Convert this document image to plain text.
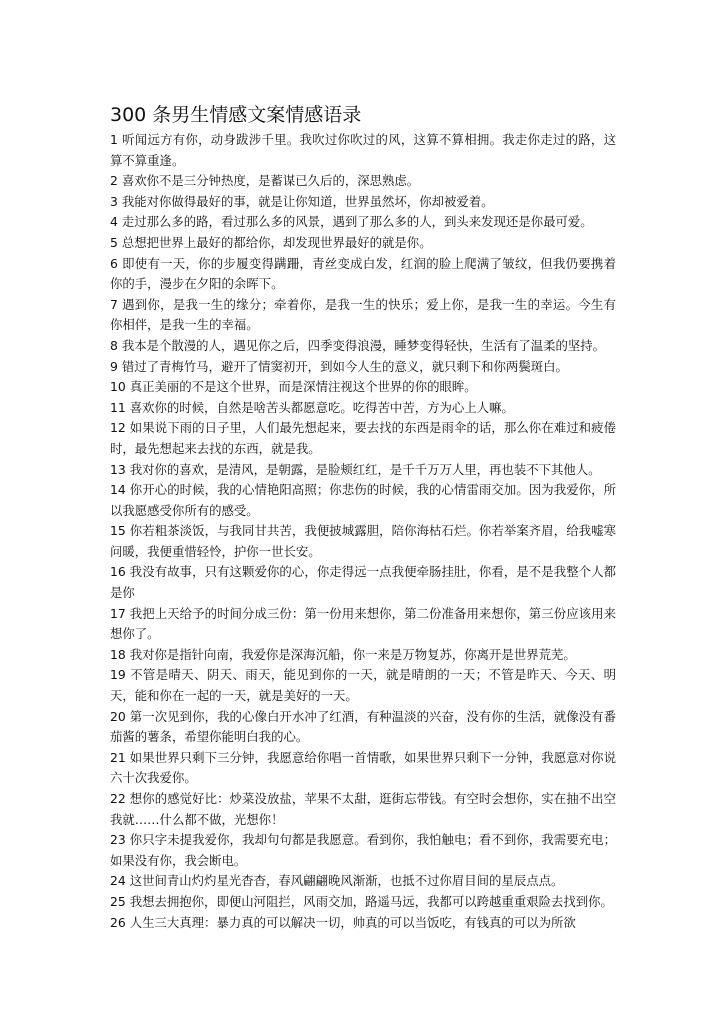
300 条男生情感文案情感语录

1 听闻远方有你，动身跋涉千里。我吹过你吹过的风，这算不算相拥。我走你走过的路，这算不算重逢。

2 喜欢你不是三分钟热度，是蓄谋已久后的，深思熟虑。

3 我能对你做得最好的事，就是让你知道，世界虽然坏，你却被爱着。

4 走过那么多的路，看过那么多的风景，遇到了那么多的人，到头来发现还是你最可爱。

5 总想把世界上最好的都给你，却发现世界最好的就是你。

6 即使有一天，你的步履变得蹒跚，青丝变成白发，红润的脸上爬满了皱纹，但我仍要携着你的手，漫步在夕阳的余晖下。

7 遇到你，是我一生的缘分；牵着你，是我一生的快乐；爱上你，是我一生的幸运。今生有你相伴，是我一生的幸福。

8 我本是个散漫的人，遇见你之后，四季变得浪漫，睡梦变得轻快，生活有了温柔的坚持。

9 错过了青梅竹马，避开了情窦初开，到如今人生的意义，就只剩下和你两鬓斑白。

10 真正美丽的不是这个世界，而是深情注视这个世界的你的眼眸。

11 喜欢你的时候，自然是啥苦头都愿意吃。吃得苦中苦，方为心上人嘛。

12 如果说下雨的日子里，人们最先想起来，要去找的东西是雨伞的话，那么你在难过和疲倦时，最先想起来去找的东西，就是我。

13 我对你的喜欢，是清风，是朝露，是脸颊红红，是千千万万人里，再也装不下其他人。

14 你开心的时候，我的心情艳阳高照；你悲伤的时候，我的心情雷雨交加。因为我爱你，所以我愿感受你所有的感受。

15 你若粗茶淡饭，与我同甘共苦，我便披城露胆，陪你海枯石烂。你若举案齐眉，给我嘘寒问暖，我便重惜轻怜，护你一世长安。

16 我没有故事，只有这颗爱你的心，你走得远一点我便牵肠挂肚，你看，是不是我整个人都是你

17 我把上天给予的时间分成三份：第一份用来想你，第二份准备用来想你，第三份应该用来想你了。

18 我对你是指针向南，我爱你是深海沉船，你一来是万物复苏，你离开是世界荒芜。

19 不管是晴天、阴天、雨天，能见到你的一天，就是晴朗的一天；不管是昨天、今天、明天，能和你在一起的一天，就是美好的一天。

20 第一次见到你，我的心像白开水冲了红酒，有种温淡的兴奋，没有你的生活，就像没有番茄酱的薯条，希望你能明白我的心。

21 如果世界只剩下三分钟，我愿意给你唱一首情歌，如果世界只剩下一分钟，我愿意对你说六十次我爱你。

22 想你的感觉好比：炒菜没放盐，苹果不太甜，逛街忘带钱。有空时会想你，实在抽不出空我就……什么都不做，光想你！

23 你只字未提我爱你，我却句句都是我愿意。看到你，我怕触电；看不到你，我需要充电；如果没有你，我会断电。

24 这世间青山灼灼星光杳杳，春风翩翩晚风渐渐，也抵不过你眉目间的星辰点点。

25 我想去拥抱你，即便山河阻拦，风雨交加，路遥马远，我都可以跨越重重艰险去找到你。

26 人生三大真理：暴力真的可以解决一切，帅真的可以当饭吃，有钱真的可以为所欲
